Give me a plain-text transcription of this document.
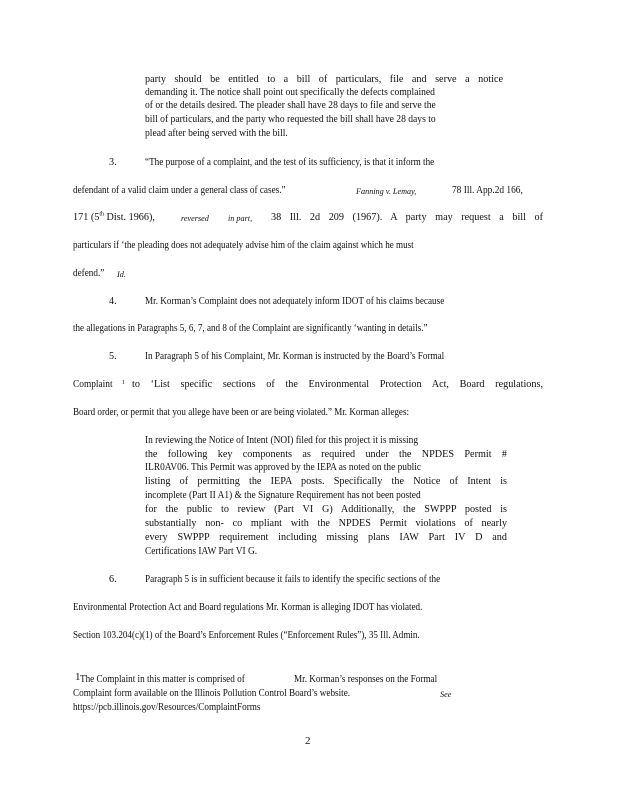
party should be entitled to a bill of particulars, file and serve a notice

demanding it. The notice shall point out specifically the defects complained

of or the details desired. The pleader shall have 28 days to file and serve the

bill of particulars, and the party who requested the bill shall have 28 days to

plead after being served with the bill.

3.	“The purpose of a complaint, and the test of its sufficiency, is that it inform the

defendant of a valid claim under a general class of cases.”	Fanning v. Lemay,	78 Ill. App.2d 166,
171 (5th Dist. 1966),	reversed in part, 38 Ill. 2d 209 (1967). A party may request a bill of

particulars if ‘the pleading does not adequately advise him of the claim against which he must

defend.” Id.
4.	Mr. Korman’s Complaint does not adequately inform IDOT of his claims because

the allegations in Paragraphs 5, 6, 7, and 8 of the Complaint are significantly ‘wanting in details.”

5.	In Paragraph 5 of his Complaint, Mr. Korman is instructed by the Board’s Formal

Complaint 1 to ‘List specific sections of the Environmental Protection Act, Board regulations,

Board order, or permit that you allege have been or are being violated.” Mr. Korman alleges:

In reviewing the Notice of Intent (NOI) filed for this project it is missing

the following key components as required under the NPDES Permit #

ILR0AV06. This Permit was approved by the IEPA as noted on the public

listing of permitting the IEPA posts. Specifically the Notice of Intent is

incomplete (Part II A1) & the Signature Requirement has not been posted

for the public to review (Part VI G) Additionally, the SWPPP posted is

substantially non- co mpliant with the NPDES Permit violations of nearly

every SWPPP requirement including missing plans IAW Part IV D and

Certifications IAW Part VI G.

6.	Paragraph 5 is in sufficient because it fails to identify the specific sections of the

Environmental Protection Act and Board regulations Mr. Korman is alleging IDOT has violated.

Section 103.204(c)(1) of the Board’s Enforcement Rules (“Enforcement Rules”), 35 Ill. Admin.

1 The Complaint in this matter is comprised of	Mr. Korman’s responses on the Formal
Complaint form available on the Illinois Pollution Control Board’s website.	See
https://pcb.illinois.gov/Resources/ComplaintForms
2
